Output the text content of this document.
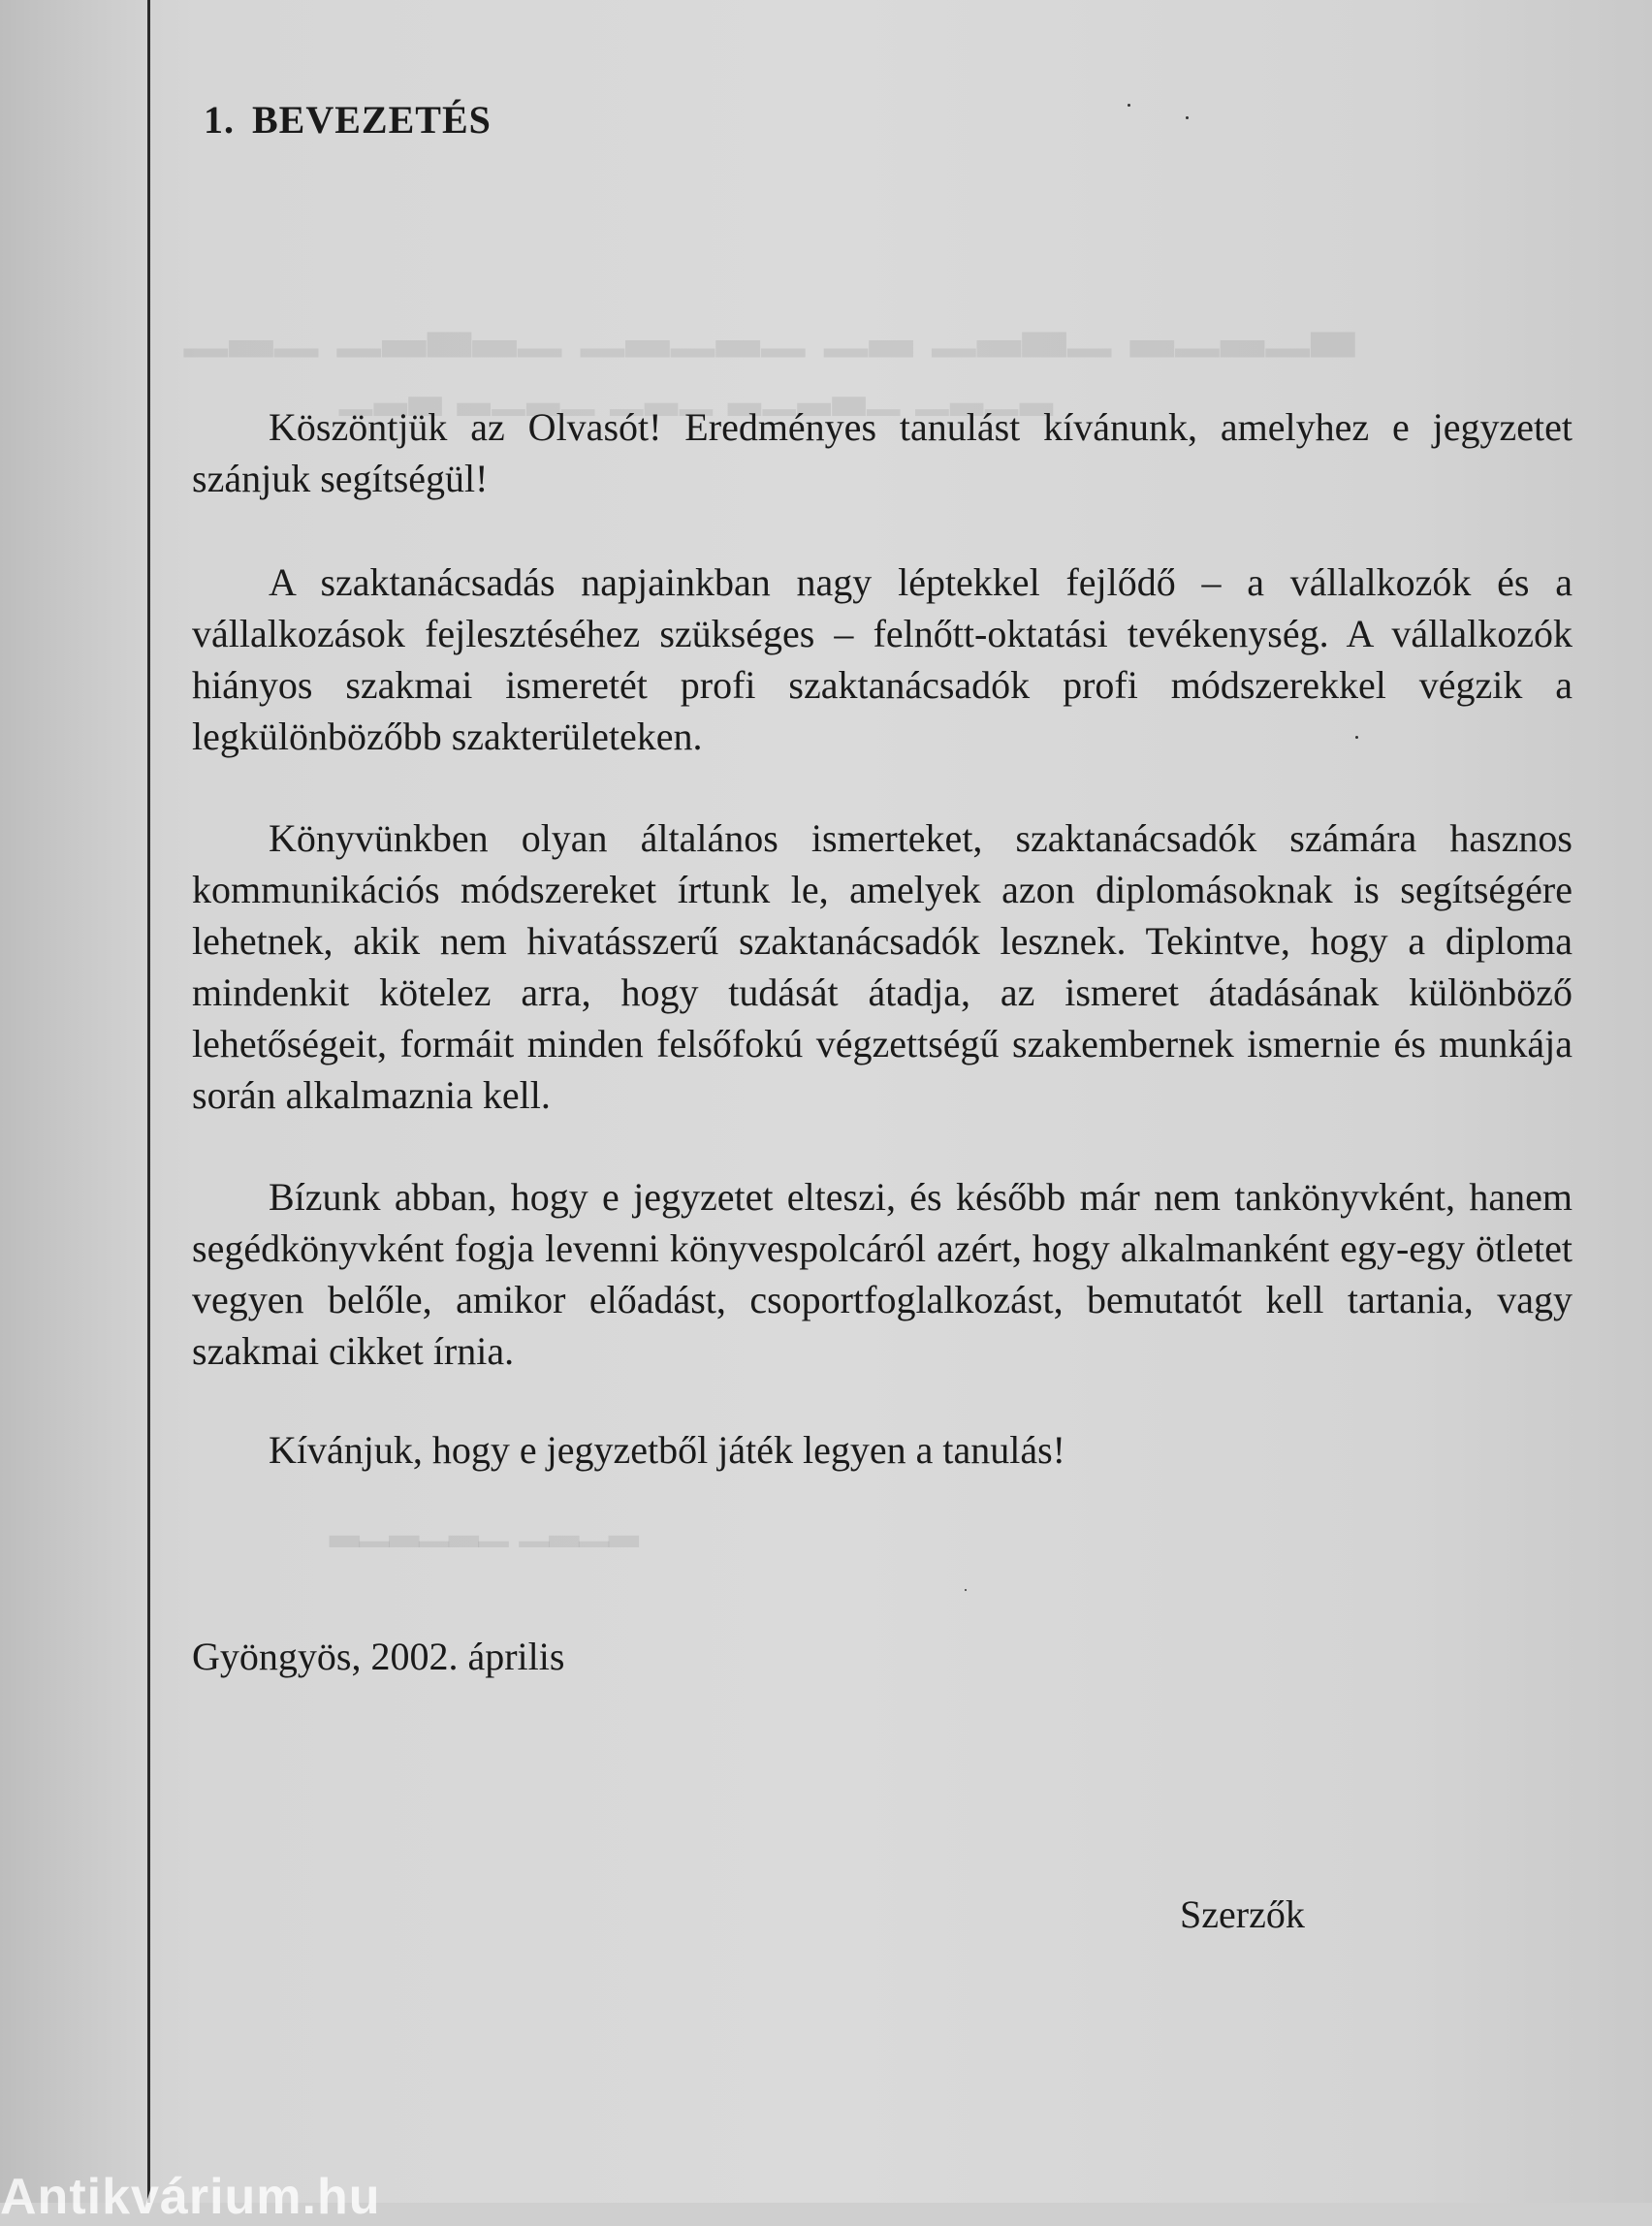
▁▂▁ ▁▂▃▂▁ ▁▂▁▂▁ ▁▂ ▁▂▃▁ ▂▁▂▁▃
▁▂▃ ▂▁▂▁ ▁▂▁ ▂▁▂▃▁ ▁▂▁▂
▂▁▂▁▂▁ ▁▂▁▂
1. BEVEZETÉS

Köszöntjük az Olvasót! Eredményes tanulást kívánunk, amelyhez e jegyzetet szánjuk segítségül!

A szaktanácsadás napjainkban nagy léptekkel fejlődő – a vállalkozók és a vállalkozások fejlesztéséhez szükséges – felnőtt-oktatási tevékenység. A vállalkozók hiányos szakmai ismeretét profi szaktanácsadók profi módszerekkel végzik a legkülönbözőbb szakterületeken.

Könyvünkben olyan általános ismerteket, szaktanácsadók számára hasznos kommunikációs módszereket írtunk le, amelyek azon diplomásoknak is segítségére lehetnek, akik nem hivatásszerű szaktanácsadók lesznek. Tekintve, hogy a diploma mindenkit kötelez arra, hogy tudását átadja, az ismeret átadásának különböző lehetőségeit, formáit minden felsőfokú végzettségű szakembernek ismernie és munkája során alkalmaznia kell.

Bízunk abban, hogy e jegyzetet elteszi, és később már nem tankönyvként, hanem segédkönyvként fogja levenni könyvespolcáról azért, hogy alkalmanként egy-egy ötletet vegyen belőle, amikor előadást, csoportfoglalkozást, bemutatót kell tartania, vagy szakmai cikket írnia.

Kívánjuk, hogy e jegyzetből játék legyen a tanulás!

Gyöngyös, 2002. április

Szerzők

Antikvárium.hu
